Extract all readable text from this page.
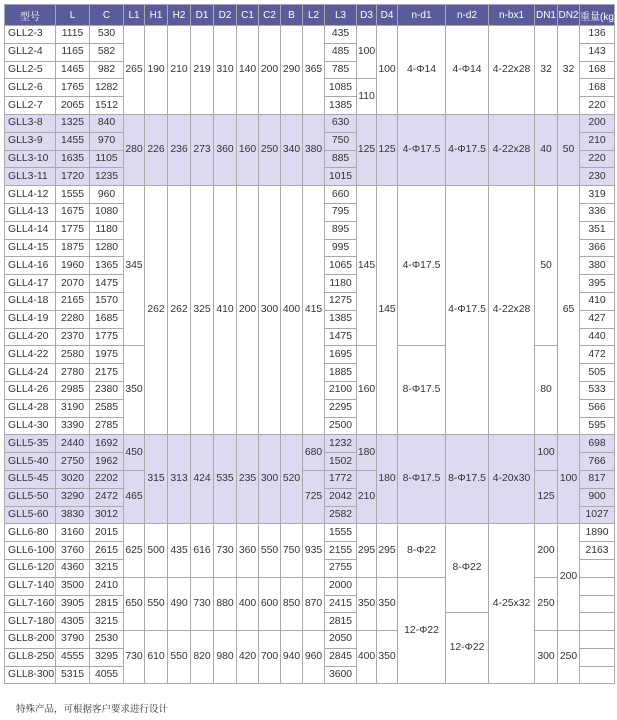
型号	L	C	L1	H1	H2	D1	D2	C1	C2	B	L2	L3	D3	D4	n-d1	n-d2	n-bx1	DN1	DN2	重量(kg)
GLL2-3	1115	530	265	190	210	219	310	140	200	290	365	435	100	100	4-Φ14	4-Φ14	4-22x28	32	32	136
GLL2-4	1165	582										485								143
GLL2-5	1465	982										785								168
GLL2-6	1765	1282										1085	110							168
GLL2-7	2065	1512										1385								220
GLL3-8	1325	840	280	226	236	273	360	160	250	340	380	630	125	125	4-Φ17.5	4-Φ17.5	4-22x28	40	50	200
GLL3-9	1455	970										750								210
GLL3-10	1635	1105										885								220
GLL3-11	1720	1235										1015								230
GLL4-12	1555	960	345	262	262	325	410	200	300	400	415	660	145	145	4-Φ17.5	4-Φ17.5	4-22x28	50	65	319
GLL4-13	1675	1080										795								336
GLL4-14	1775	1180										895								351
GLL4-15	1875	1280										995								366
GLL4-16	1960	1365										1065								380
GLL4-17	2070	1475										1180								395
GLL4-18	2165	1570										1275								410
GLL4-19	2280	1685										1385								427
GLL4-20	2370	1775										1475								440
GLL4-22	2580	1975	350									1695	160		8-Φ17.5			80		472
GLL4-24	2780	2175										1885								505
GLL4-26	2985	2380										2100								533
GLL4-28	3190	2585										2295								566
GLL4-30	3390	2785										2500								595
GLL5-35	2440	1692	450	315	313	424	535	235	300	520	680	1232	180	180	8-Φ17.5	8-Φ17.5	4-20x30	100	100	698
GLL5-40	2750	1962										1502								766
GLL5-45	3020	2202	465								725	1772	210					125		817
GLL5-50	3290	2472										2042								900
GLL5-60	3830	3012										2582								1027
GLL6-80	3160	2015	625	500	435	616	730	360	550	750	935	1555	295	295	8-Φ22	8-Φ22	4-25x32	200	200	1890
GLL6-100	3760	2615										2155								2163
GLL6-120	4360	3215										2755								
GLL7-140	3500	2410	650	550	490	730	880	400	600	850	870	2000	350	350	12-Φ22			250		
GLL7-160	3905	2815										2415								
GLL7-180	4305	3215										2815				12-Φ22				
GLL8-200	3790	2530	730	610	550	820	980	420	700	940	960	2050	400	350				300	250	
GLL8-250	4555	3295										2845								
GLL8-300	5315	4055										3600								
特殊产品，可根据客户要求进行设计
